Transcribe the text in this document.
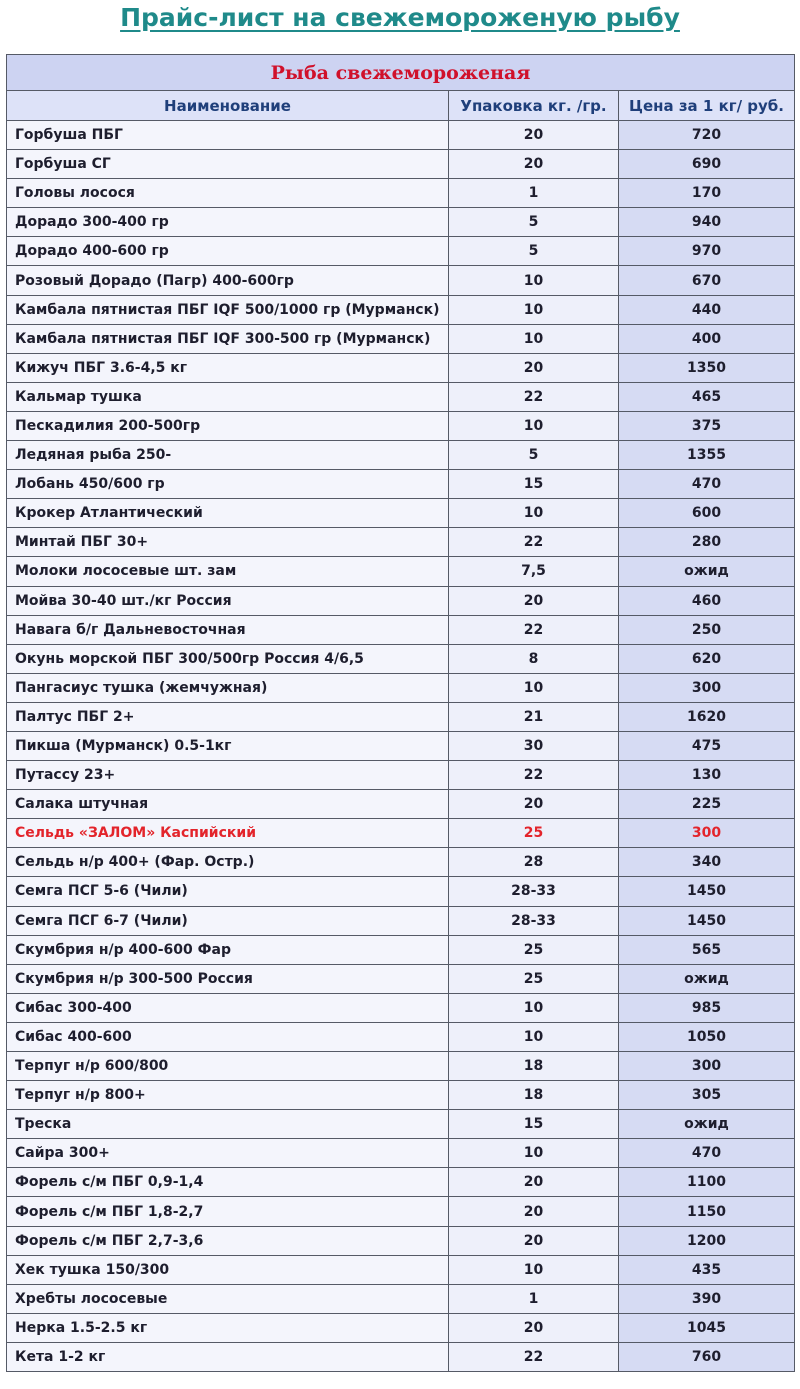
Прайс-лист на свежемороженую рыбу
Рыба свежемороженая		
Наименование	Упаковка кг. /гр.	Цена за 1 кг/ руб.
Горбуша ПБГ	20	720
Горбуша СГ	20	690
Головы лосося	1	170
Дорадо 300-400 гр	5	940
Дорадо 400-600 гр	5	970
Розовый Дорадо (Пагр) 400-600гр	10	670
Камбала пятнистая ПБГ IQF 500/1000 гр (Мурманск)	10	440
Камбала пятнистая ПБГ IQF 300-500 гр (Мурманск)	10	400
Кижуч ПБГ 3.6-4,5 кг	20	1350
Кальмар тушка	22	465
Пескадилия 200-500гр	10	375
Ледяная рыба 250-	5	1355
Лобань 450/600 гр	15	470
Крокер Атлантический	10	600
Минтай ПБГ 30+	22	280
Молоки лососевые шт. зам	7,5	ожид
Мойва 30-40 шт./кг Россия	20	460
Навага б/г Дальневосточная	22	250
Окунь морской ПБГ 300/500гр Россия 4/6,5	8	620
Пангасиус тушка (жемчужная)	10	300
Палтус ПБГ 2+	21	1620
Пикша (Мурманск) 0.5-1кг	30	475
Путассу 23+	22	130
Салака штучная	20	225
Сельдь «ЗАЛОМ» Каспийский	25	300
Сельдь н/р 400+ (Фар. Остр.)	28	340
Семга ПСГ 5-6 (Чили)	28-33	1450
Семга ПСГ 6-7 (Чили)	28-33	1450
Скумбрия н/р 400-600 Фар	25	565
Скумбрия н/р 300-500 Россия	25	ожид
Сибас 300-400	10	985
Сибас 400-600	10	1050
Терпуг н/р 600/800	18	300
Терпуг н/р 800+	18	305
Треска	15	ожид
Сайра 300+	10	470
Форель с/м ПБГ 0,9-1,4	20	1100
Форель с/м ПБГ 1,8-2,7	20	1150
Форель с/м ПБГ 2,7-3,6	20	1200
Хек тушка 150/300	10	435
Хребты лососевые	1	390
Нерка 1.5-2.5 кг	20	1045
Кета 1-2 кг	22	760
